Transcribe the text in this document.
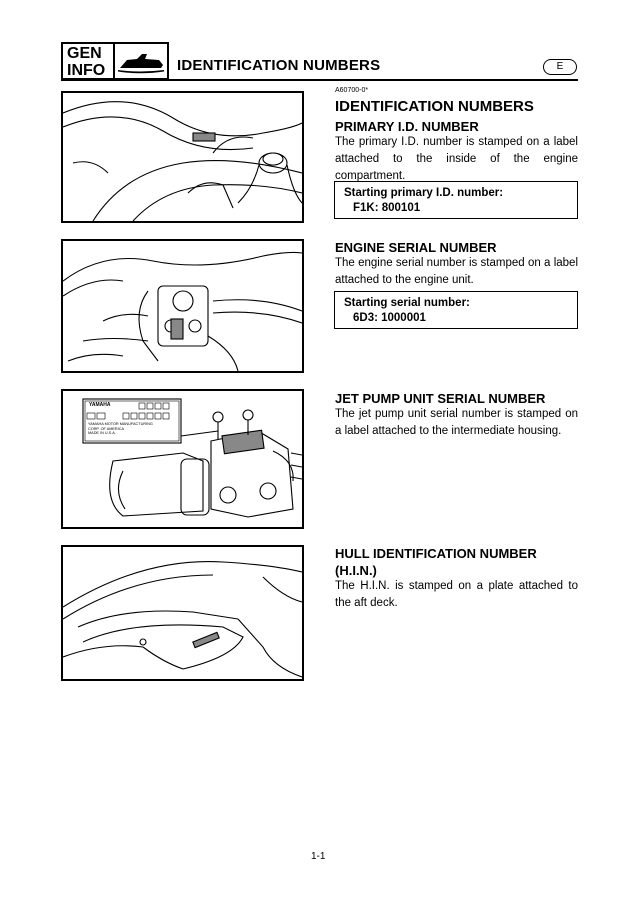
GEN
INFO	IDENTIFICATION NUMBERS	E
YAMAHA
YAMAHA MOTOR MANUFACTURING
CORP. OF AMERICA
MADE IN U.S.A.
A60700-0*
IDENTIFICATION NUMBERS
PRIMARY I.D. NUMBER
The primary I.D. number is stamped on a label attached to the inside of the engine compartment.
Starting primary I.D. number:
F1K: 800101
ENGINE SERIAL NUMBER
The engine serial number is stamped on a label attached to the engine unit.
Starting serial number:
6D3: 1000001
JET PUMP UNIT SERIAL NUMBER
The jet pump unit serial number is stamped on a label attached to the intermediate housing.
HULL IDENTIFICATION NUMBER (H.I.N.)
The H.I.N. is stamped on a plate attached to the aft deck.
1-1
